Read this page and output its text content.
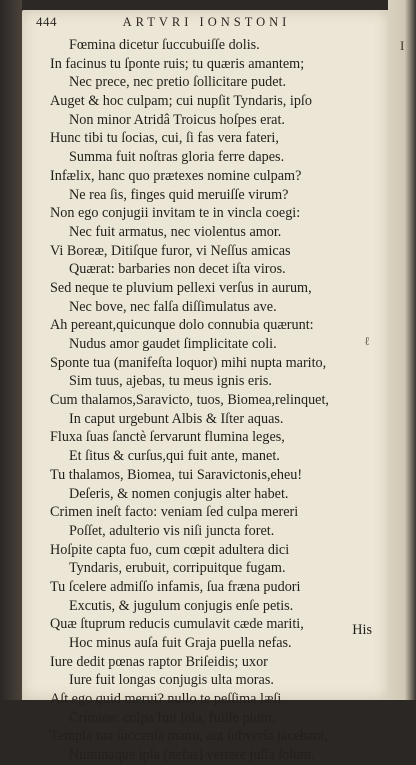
I
444	ARTVRI IONSTONI
Fœmina dicetur ſuccubuiſſe dolis.
In facinus tu ſponte ruis; tu quæris amantem;
Nec prece, nec pretio ſollicitare pudet.
Auget & hoc culpam; cui nupſit Tyndaris, ipſo
Non minor Atridâ Troicus hoſpes erat.
Hunc tibi tu ſocias, cui, ſi fas vera fateri,
Summa fuit noſtras gloria ferre dapes.
Infælix, hanc quo prætexes nomine culpam?
Ne rea ſis, finges quid meruiſſe virum?
Non ego conjugii invitam te in vincla coegi:
Nec fuit armatus, nec violentus amor.
Vi Boreæ, Ditiſque furor, vi Neſſus amicas
Quærat: barbaries non decet iſta viros.
Sed neque te pluvium pellexi verſus in aurum,
Nec bove, nec falſa diſſimulatus ave.
Ah pereant,quicunque dolo connubia quærunt:
Nudus amor gaudet ſimplicitate coli.
Sponte tua (manifeſta loquor) mihi nupta marito,
Sim tuus, ajebas, tu meus ignis eris.
Cum thalamos,Saravicto, tuos, Biomea,relinquet,
In caput urgebunt Albis & Iſter aquas.
Fluxa ſuas ſanctè ſervarunt flumina leges,
Et ſitus & curſus,qui fuit ante, manet.
Tu thalamos, Biomea, tui Saravictonis,eheu!
Deſeris, & nomen conjugis alter habet.
Crimen ineſt facto: veniam ſed culpa mereri
Poſſet, adulterio vis niſi juncta foret.
Hoſpite capta fuo, cum cœpit adultera dici
Tyndaris, erubuit, corripuitque fugam.
Tu ſcelere admiſſo infamis, ſua fræna pudori
Excutis, & jugulum conjugis enſe petis.
Quæ ſtuprum reducis cumulavit cæde mariti,
Hoc minus auſa fuit Graja puella nefas.
Iure dedit pœnas raptor Briſeidis; uxor
Iure fuit longas conjugis ulta moras.
Aſt ego quid merui? nullo te peſſima læſi
Crimine: culpa fuit ſola, fuiſſe pium.
Templa tua ſuccenſa manu, aut ſubverſa jacebant,
Numinaque ipſa (nefas) vertere juſſa ſolum.
ℓ
His
